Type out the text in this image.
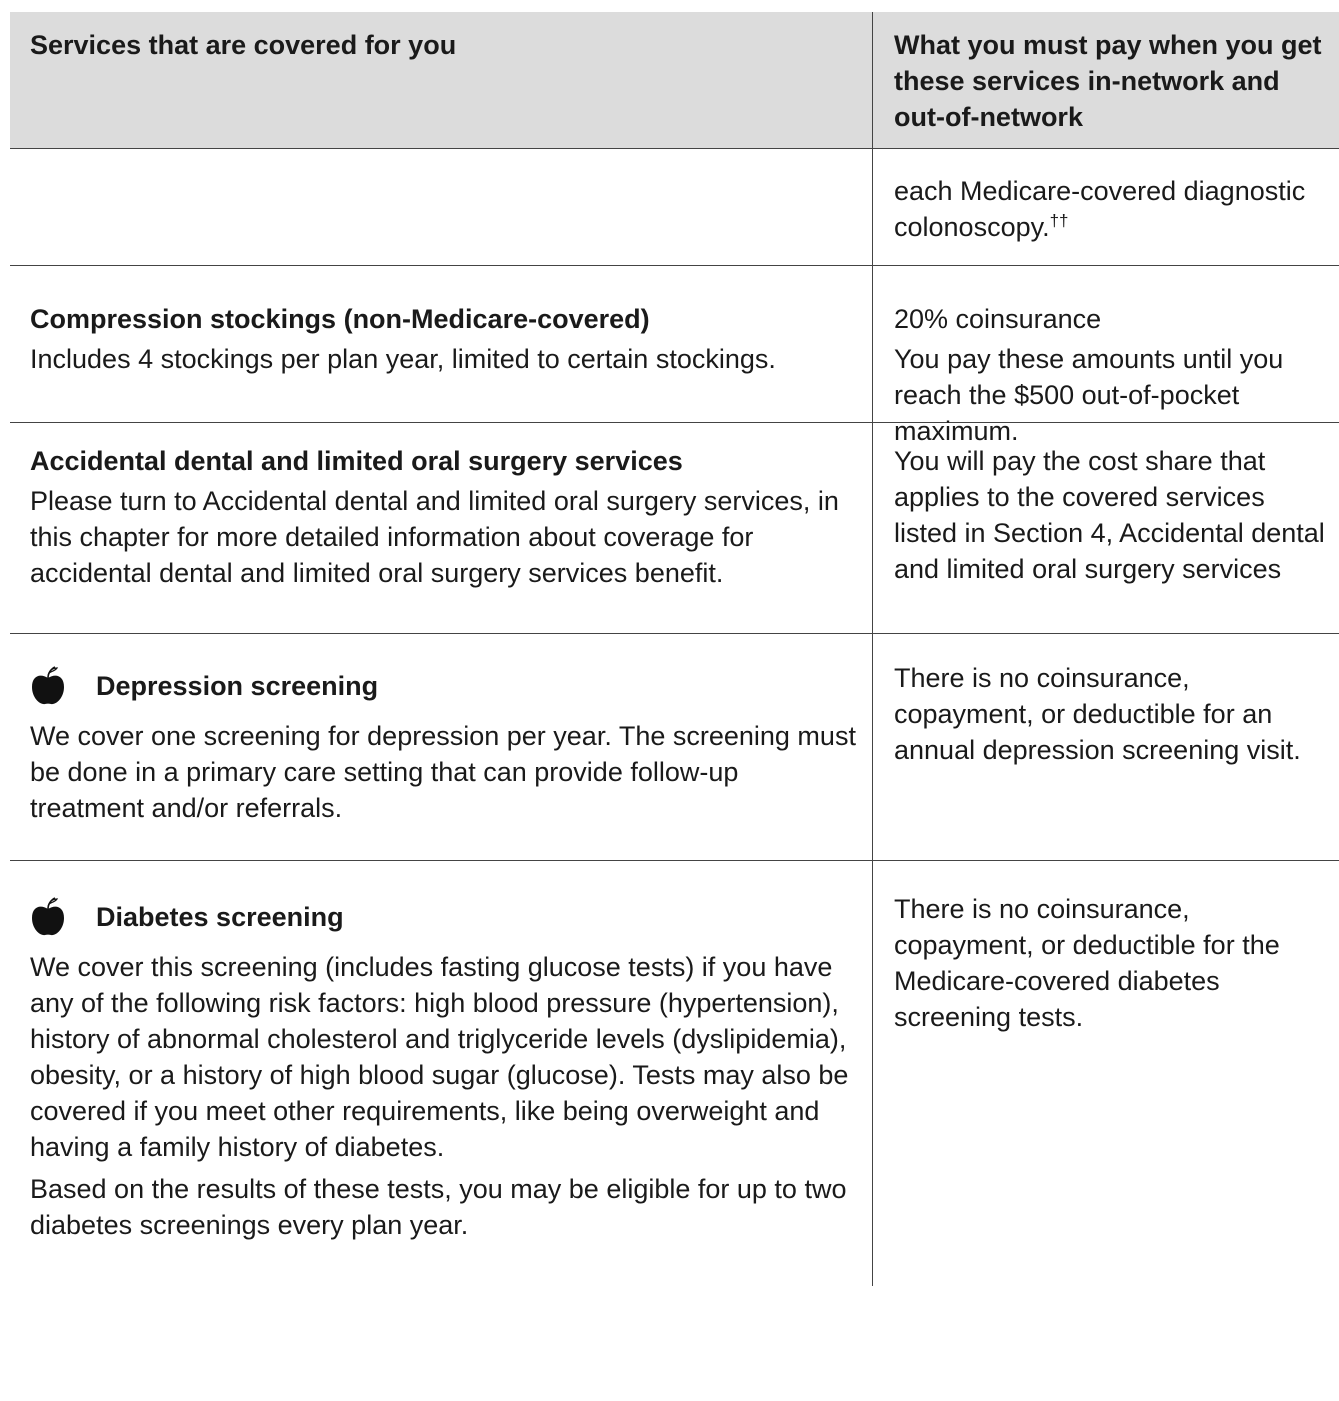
Services that are covered for you	What you must pay when you get these services in-network and out-of-network

each Medicare-covered diagnostic colonoscopy.††

Compression stockings (non-Medicare-covered)

Includes 4 stockings per plan year, limited to certain stockings.

20% coinsurance

You pay these amounts until you reach the $500 out-of-pocket maximum.

Accidental dental and limited oral surgery services

Please turn to Accidental dental and limited oral surgery services, in this chapter for more detailed information about coverage for accidental dental and limited oral surgery services benefit.

You will pay the cost share that applies to the covered services listed in Section 4, Accidental dental and limited oral surgery services

Depression screening

We cover one screening for depression per year. The screening must be done in a primary care setting that can provide follow-up treatment and/or referrals.

There is no coinsurance, copayment, or deductible for an annual depression screening visit.

Diabetes screening

We cover this screening (includes fasting glucose tests) if you have any of the following risk factors: high blood pressure (hypertension), history of abnormal cholesterol and triglyceride levels (dyslipidemia), obesity, or a history of high blood sugar (glucose). Tests may also be covered if you meet other requirements, like being overweight and having a family history of diabetes.

Based on the results of these tests, you may be eligible for up to two diabetes screenings every plan year.

There is no coinsurance, copayment, or deductible for the Medicare-covered diabetes screening tests.
